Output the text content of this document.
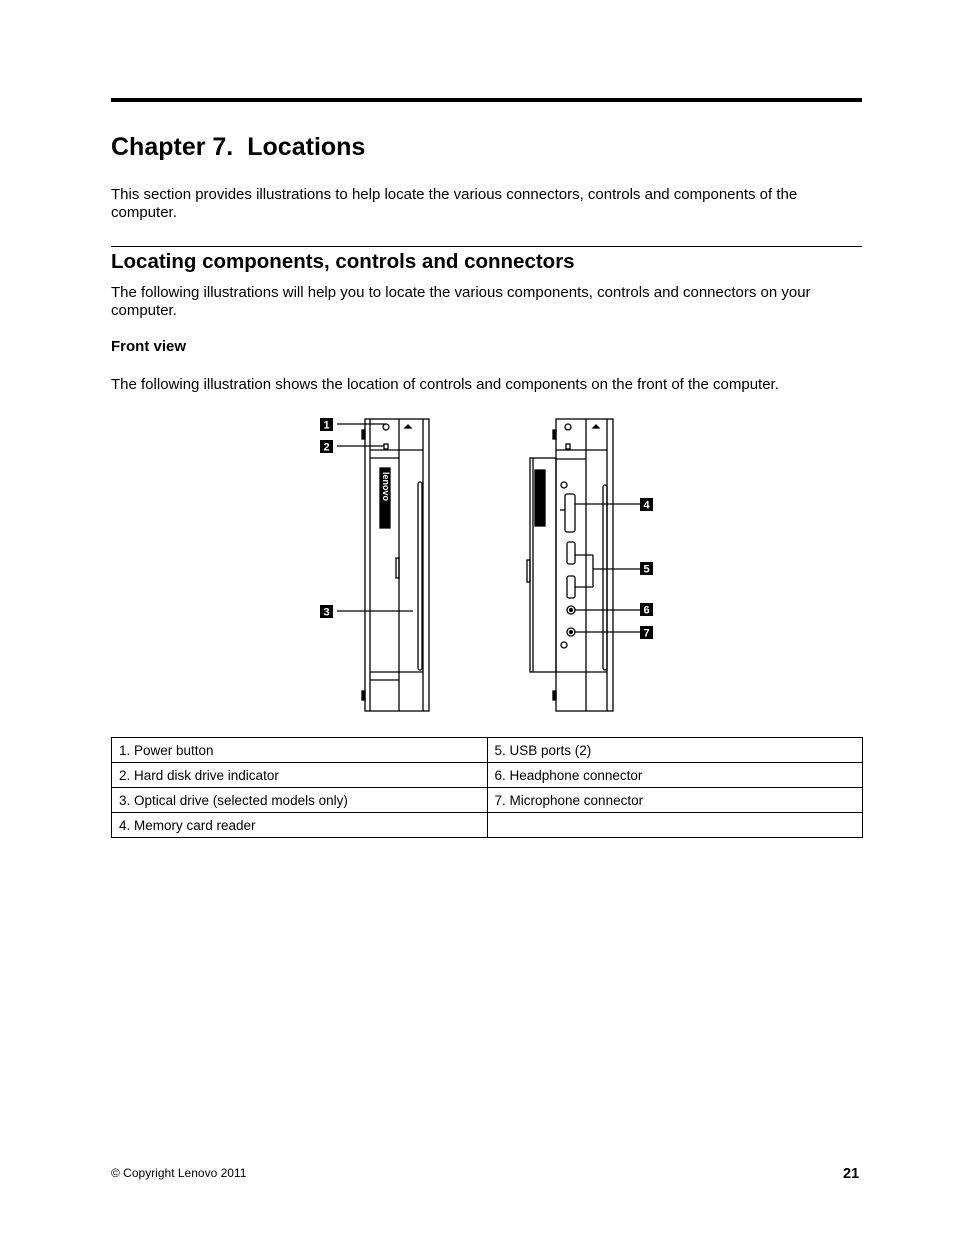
Chapter 7. Locations

This section provides illustrations to help locate the various connectors, controls and components of the computer.

Locating components, controls and connectors

The following illustrations will help you to locate the various components, controls and connectors on your computer.

Front view

The following illustration shows the location of controls and components on the front of the computer.

lenovo
1
2
3
4
5
6
7
1. Power button	5. USB ports (2)
2. Hard disk drive indicator	6. Headphone connector
3. Optical drive (selected models only)	7. Microphone connector
4. Memory card reader	
© Copyright Lenovo 2011	21
